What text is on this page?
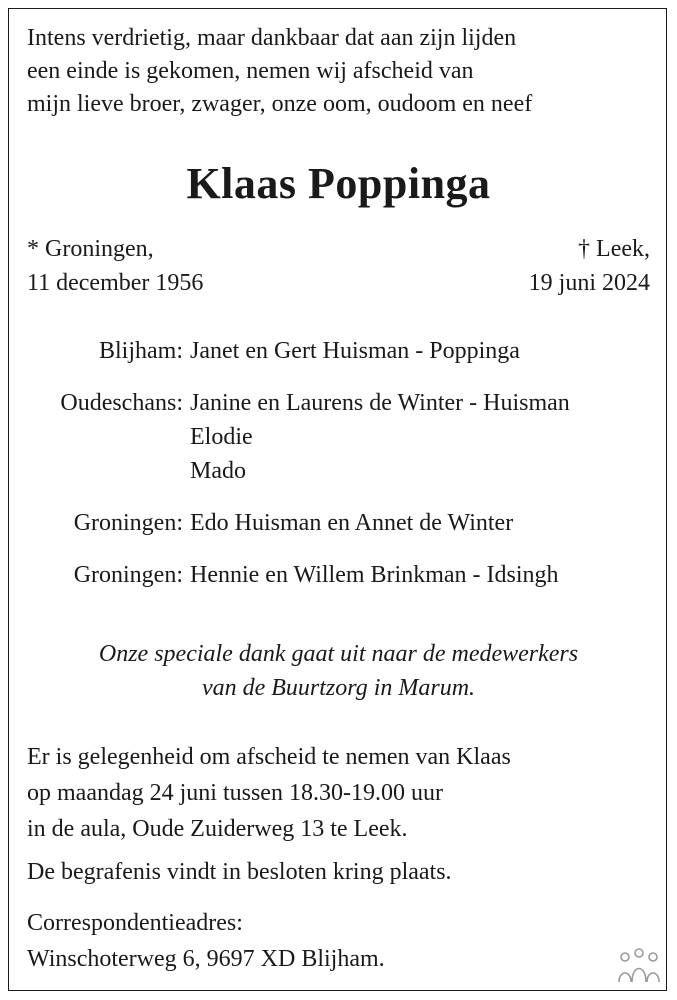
Intens verdrietig, maar dankbaar dat aan zijn lijden
een einde is gekomen, nemen wij afscheid van
mijn lieve broer, zwager, onze oom, oudoom en neef
Klaas Poppinga
* Groningen,
11 december 1956
† Leek,
19 juni 2024
Blijham: Janet en Gert Huisman - Poppinga
Oudeschans: Janine en Laurens de Winter - Huisman
Elodie
Mado
Groningen: Edo Huisman en Annet de Winter
Groningen: Hennie en Willem Brinkman - Idsingh
Onze speciale dank gaat uit naar de medewerkers
van de Buurtzorg in Marum.
Er is gelegenheid om afscheid te nemen van Klaas
op maandag 24 juni tussen 18.30-19.00 uur
in de aula, Oude Zuiderweg 13 te Leek.
De begrafenis vindt in besloten kring plaats.
Correspondentieadres:
Winschoterweg 6, 9697 XD Blijham.
